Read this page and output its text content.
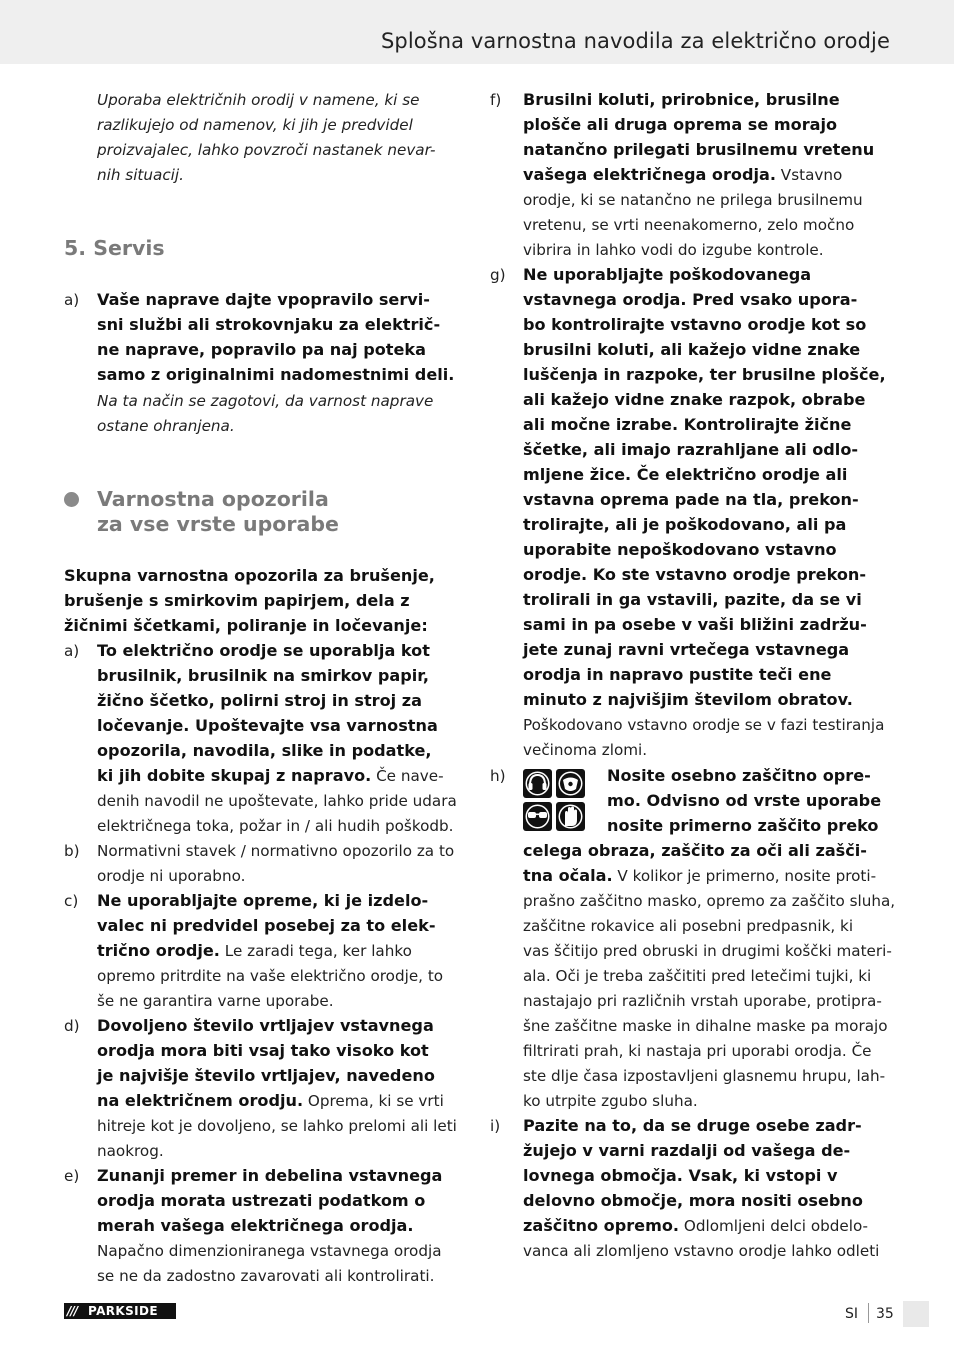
Splošna varnostna navodila za električno orodje
Uporaba električnih orodij v namene, ki se
razlikujejo od namenov, ki jih je predvidel
proizvajalec, lahko povzroči nastanek nevar-
nih situacij.
5. Servis
a) Vaše naprave dajte vpopravilo servi-
sni službi ali strokovnjaku za električ-
ne naprave, popravilo pa naj poteka
samo z originalnimi nadomestnimi deli.
Na ta način se zagotovi, da varnost naprave
ostane ohranjena.
Varnostna opozorila
za vse vrste uporabe
Skupna varnostna opozorila za brušenje,
brušenje s smirkovim papirjem, dela z
žičnimi ščetkami, poliranje in ločevanje:
a) To električno orodje se uporablja kot
brusilnik, brusilnik na smirkov papir,
žično ščetko, polirni stroj in stroj za
ločevanje. Upoštevajte vsa varnostna
opozorila, navodila, slike in podatke,
ki jih dobite skupaj z napravo. Če nave-
denih navodil ne upoštevate, lahko pride udara
električnega toka, požar in / ali hudih poškodb.
b) Normativni stavek / normativno opozorilo za to
orodje ni uporabno.
c) Ne uporabljajte opreme, ki je izdelo-
valec ni predvidel posebej za to elek-
trično orodje. Le zaradi tega, ker lahko
opremo pritrdite na vaše električno orodje, to
še ne garantira varne uporabe.
d) Dovoljeno število vrtljajev vstavnega
orodja mora biti vsaj tako visoko kot
je najvišje število vrtljajev, navedeno
na električnem orodju. Oprema, ki se vrti
hitreje kot je dovoljeno, se lahko prelomi ali leti
naokrog.
e) Zunanji premer in debelina vstavnega
orodja morata ustrezati podatkom o
merah vašega električnega orodja.
Napačno dimenzioniranega vstavnega orodja
se ne da zadostno zavarovati ali kontrolirati.
f) Brusilni koluti, prirobnice, brusilne
plošče ali druga oprema se morajo
natančno prilegati brusilnemu vretenu
vašega električnega orodja. Vstavno
orodje, ki se natančno ne prilega brusilnemu
vretenu, se vrti neenakomerno, zelo močno
vibrira in lahko vodi do izgube kontrole.
g) Ne uporabljajte poškodovanega
vstavnega orodja. Pred vsako upora-
bo kontrolirajte vstavno orodje kot so
brusilni koluti, ali kažejo vidne znake
luščenja in razpoke, ter brusilne plošče,
ali kažejo vidne znake razpok, obrabe
ali močne izrabe. Kontrolirajte žične
ščetke, ali imajo razrahljane ali odlo-
mljene žice. Če električno orodje ali
vstavna oprema pade na tla, prekon-
trolirajte, ali je poškodovano, ali pa
uporabite nepoškodovano vstavno
orodje. Ko ste vstavno orodje prekon-
trolirali in ga vstavili, pazite, da se vi
sami in pa osebe v vaši bližini zadržu-
jete zunaj ravni vrtečega vstavnega
orodja in napravo pustite teči ene
minuto z najvišjim številom obratov.
Poškodovano vstavno orodje se v fazi testiranja
večinoma zlomi.
h)	Nosite osebno zaščitno opre-
mo. Odvisno od vrste uporabe
nosite primerno zaščito preko
celega obraza, zaščito za oči ali zašči-
tna očala. V kolikor je primerno, nosite proti-
prašno zaščitno masko, opremo za zaščito sluha,
zaščitne rokavice ali posebni predpasnik, ki
vas ščitijo pred obruski in drugimi koščki materi-
ala. Oči je treba zaščititi pred letečimi tujki, ki
nastajajo pri različnih vrstah uporabe, protipra-
šne zaščitne maske in dihalne maske pa morajo
filtrirati prah, ki nastaja pri uporabi orodja. Če
ste dlje časa izpostavljeni glasnemu hrupu, lah-
ko utrpite zgubo sluha.
i) Pazite na to, da se druge osebe zadr-
žujejo v varni razdalji od vašega de-
lovnega območja. Vsak, ki vstopi v
delovno območje, mora nositi osebno
zaščitno opremo. Odlomljeni delci obdelo-
vanca ali zlomljeno vstavno orodje lahko odleti
/// PARKSIDE	SI 35
